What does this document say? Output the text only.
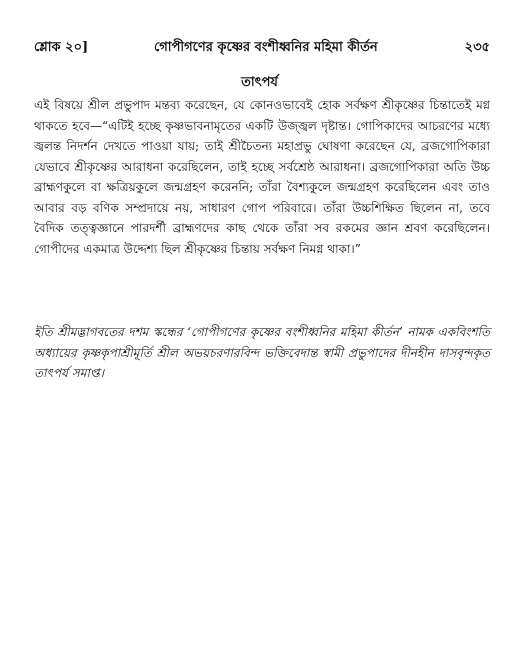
শ্লোক ২০]	গোপীগণের কৃষ্ণের বংশীধ্বনির মহিমা কীর্তন	২৩৫
তাৎপর্য

এই বিষয়ে শ্রীল প্রভুপাদ মন্তব্য করেছেন, যে কোনওভাবেই হোক সর্বক্ষণ শ্রীকৃষ্ণের চিন্তাতেই মগ্ন থাকতে হবে—“এটিই হচ্ছে কৃষ্ণভাবনামৃতের একটি উজ্জ্বল দৃষ্টান্ত। গোপিকাদের আচরণের মধ্যে জ্বলন্ত নিদর্শন দেখতে পাওয়া যায়; তাই শ্রীচৈতন্য মহাপ্রভু ঘোষণা করেছেন যে, ব্রজগোপিকারা যেভাবে শ্রীকৃষ্ণের আরাধনা করেছিলেন, তাই হচ্ছে সর্বশ্রেষ্ঠ আরাধনা। ব্রজগোপিকারা অতি উচ্চ ব্রাহ্মণকুলে বা ক্ষত্রিয়কুলে জন্মগ্রহণ করেননি; তাঁরা বৈশ্যকুলে জন্মগ্রহণ করেছিলেন এবং তাও আবার বড় বণিক সম্প্রদায়ে নয়, সাধারণ গোপ পরিবারে। তাঁরা উচ্চশিক্ষিত ছিলেন না, তবে বৈদিক তত্ত্বজ্ঞানে পারদর্শী ব্রাহ্মণদের কাছ থেকে তাঁরা সব রকমের জ্ঞান শ্রবণ করেছিলেন। গোপীদের একমাত্র উদ্দেশ্য ছিল শ্রীকৃষ্ণের চিন্তায় সর্বক্ষণ নিমগ্ন থাকা।”

ইতি শ্রীমদ্ভাগবতের দশম স্কন্ধের ‘গোপীগণের কৃষ্ণের বংশীধ্বনির মহিমা কীর্তন’ নামক একবিংশতি অধ্যায়ের কৃষ্ণকৃপাশ্রীমূর্তি শ্রীল অভয়চরণারবিন্দ ভক্তিবেদান্ত স্বামী প্রভুপাদের দীনহীন দাসবৃন্দকৃত তাৎপর্য সমাপ্ত।
